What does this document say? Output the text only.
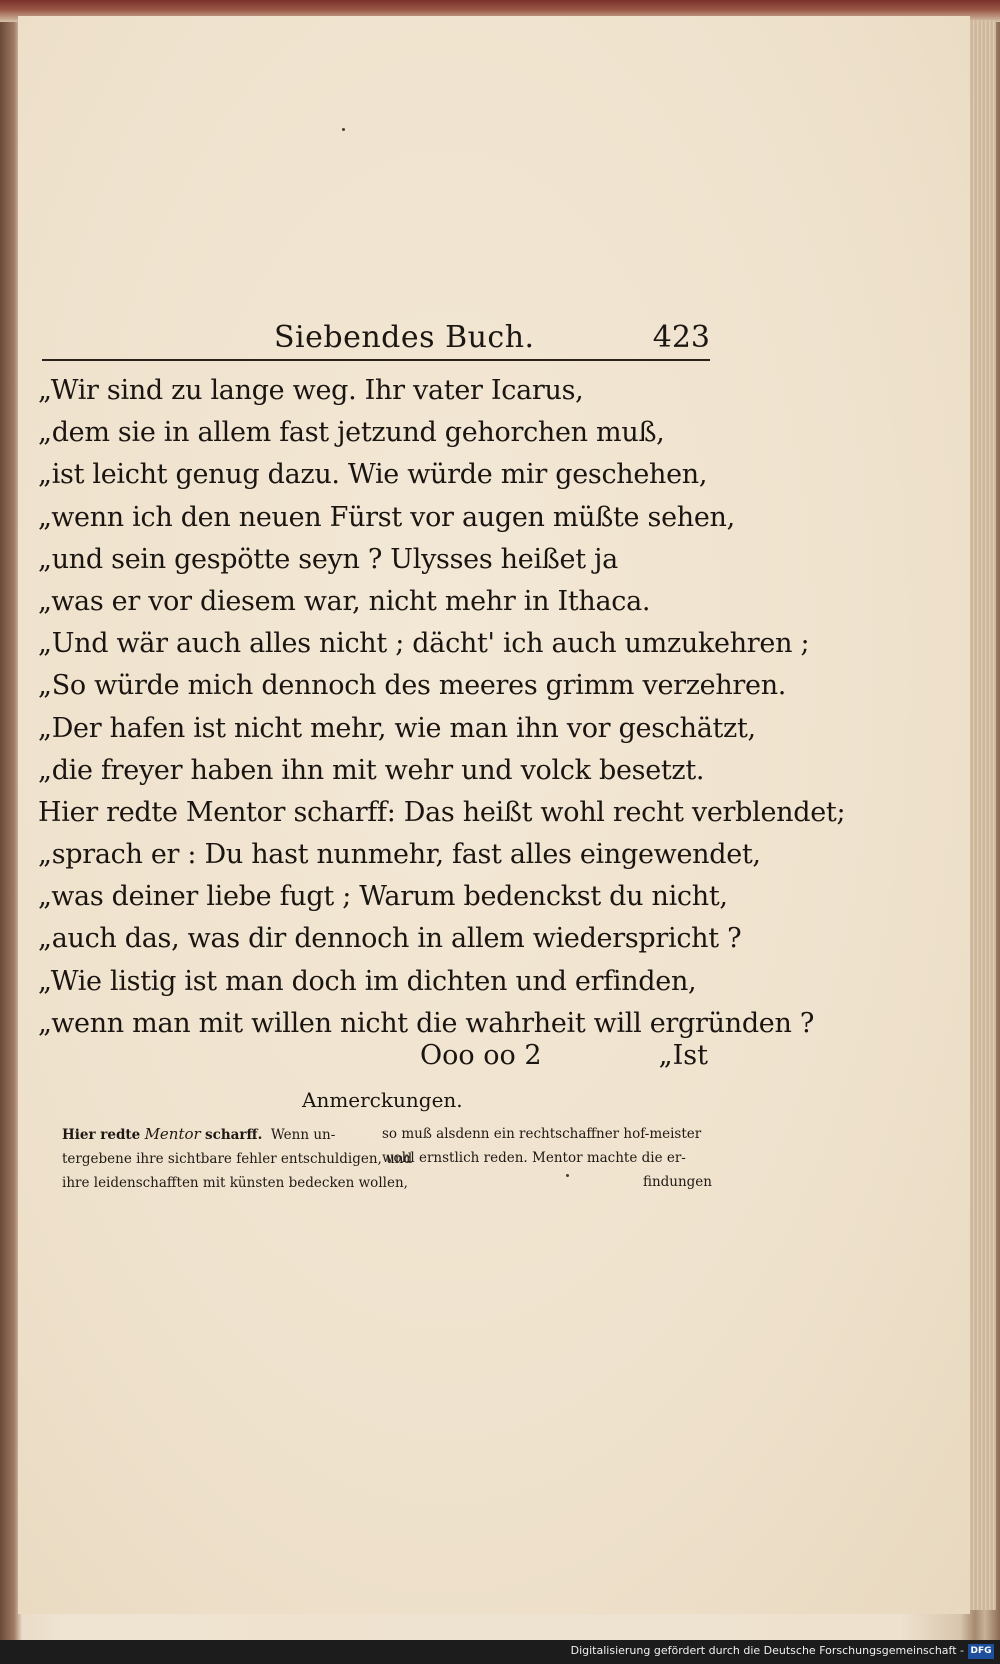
Siebendes Buch.	423
„Wir sind zu lange weg. Ihr vater Icarus,
„dem sie in allem fast jetzund gehorchen muß,
„ist leicht genug dazu. Wie würde mir geschehen,
„wenn ich den neuen Fürst vor augen müßte sehen,
„und sein gespötte seyn ? Ulysses heißet ja
„was er vor diesem war, nicht mehr in Ithaca.
„Und wär auch alles nicht ; dächt' ich auch umzukehren ;
„So würde mich dennoch des meeres grimm verzehren.
„Der hafen ist nicht mehr, wie man ihn vor geschätzt,
„die freyer haben ihn mit wehr und volck besetzt.
Hier redte Mentor scharff: Das heißt wohl recht verblendet;
„sprach er : Du hast nunmehr, fast alles eingewendet,
„was deiner liebe fugt ; Warum bedenckst du nicht,
„auch das, was dir dennoch in allem wiederspricht ?
„Wie listig ist man doch im dichten und erfinden,
„wenn man mit willen nicht die wahrheit will ergründen ?
Ooo oo 2	„Ist
Anmerckungen.

Hier redte Mentor scharff. Wenn un-

tergebene ihre sichtbare fehler entschuldigen, und

ihre leidenschafften mit künsten bedecken wollen,

so muß alsdenn ein rechtschaffner hof-meister

wohl ernstlich reden. Mentor machte die er-

findungen

Digitalisierung gefördert durch die Deutsche Forschungsgemeinschaft - DFG
